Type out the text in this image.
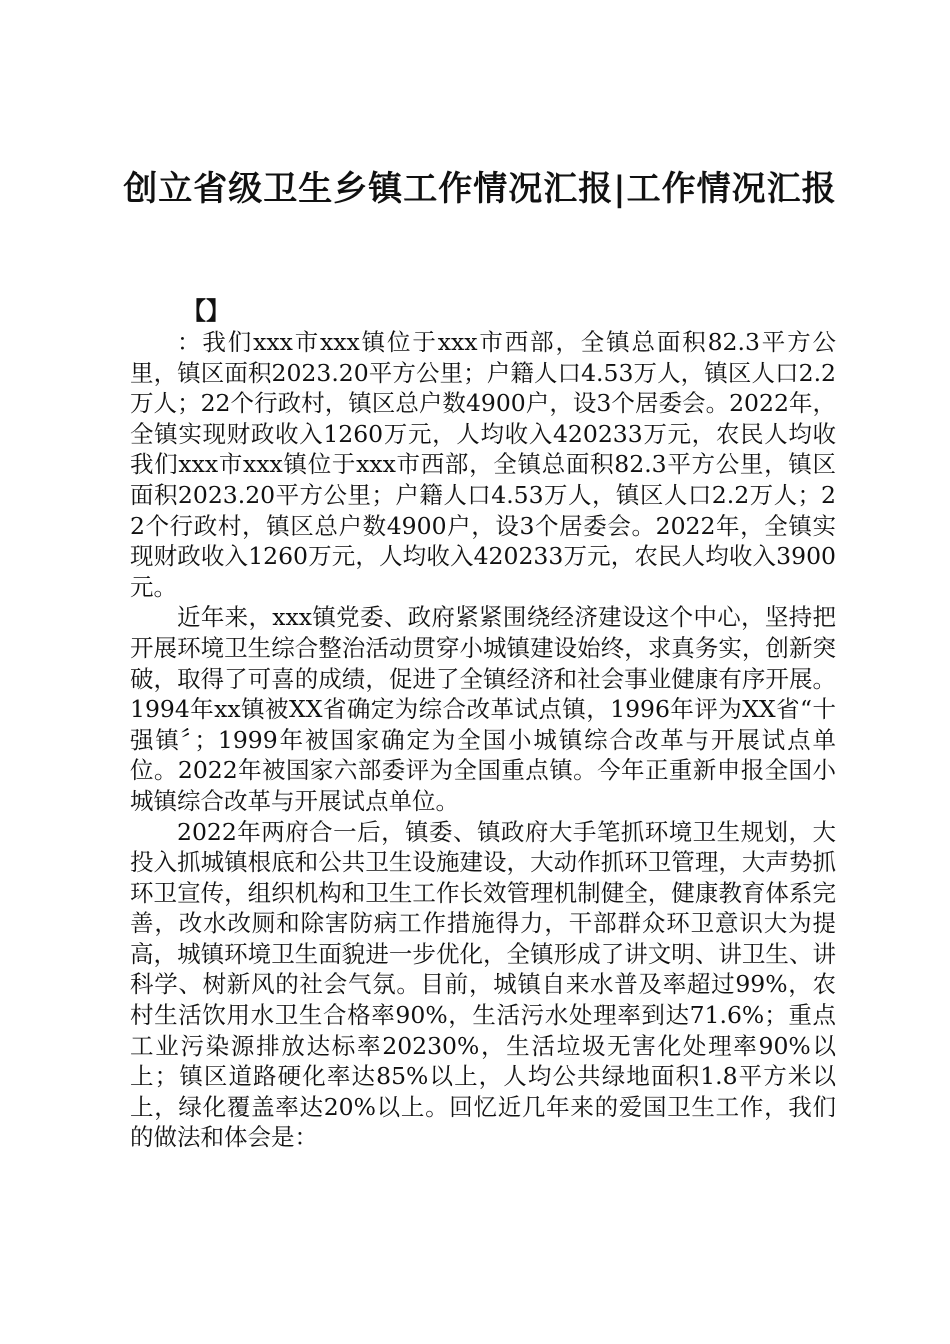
创立省级卫生乡镇工作情况汇报|工作情况汇报
【】

：我们xxx市xxx镇位于xxx市西部，全镇总面积82.3平方公里，镇区面积2023.20平方公里；户籍人口4.53万人，镇区人口2.2万人；22个行政村，镇区总户数4900户，设3个居委会。2022年，全镇实现财政收入1260万元，人均收入420233万元，农民人均收我们xxx市xxx镇位于xxx市西部，全镇总面积82.3平方公里，镇区面积2023.20平方公里；户籍人口4.53万人，镇区人口2.2万人；22个行政村，镇区总户数4900户，设3个居委会。2022年，全镇实现财政收入1260万元，人均收入420233万元，农民人均收入3900元。

近年来，xxx镇党委、政府紧紧围绕经济建设这个中心，坚持把开展环境卫生综合整治活动贯穿小城镇建设始终，求真务实，创新突破，取得了可喜的成绩，促进了全镇经济和社会事业健康有序开展。1994年xx镇被XX省确定为综合改革试点镇，1996年评为XX省“十强镇〞；1999年被国家确定为全国小城镇综合改革与开展试点单位。2022年被国家六部委评为全国重点镇。今年正重新申报全国小城镇综合改革与开展试点单位。

2022年两府合一后，镇委、镇政府大手笔抓环境卫生规划，大投入抓城镇根底和公共卫生设施建设，大动作抓环卫管理，大声势抓环卫宣传，组织机构和卫生工作长效管理机制健全，健康教育体系完善，改水改厕和除害防病工作措施得力，干部群众环卫意识大为提高，城镇环境卫生面貌进一步优化，全镇形成了讲文明、讲卫生、讲科学、树新风的社会气氛。目前，城镇自来水普及率超过99%，农村生活饮用水卫生合格率90%，生活污水处理率到达71.6%；重点工业污染源排放达标率20230%，生活垃圾无害化处理率90%以上；镇区道路硬化率达85%以上，人均公共绿地面积1.8平方米以上，绿化覆盖率达20%以上。回忆近几年来的爱国卫生工作，我们的做法和体会是：
